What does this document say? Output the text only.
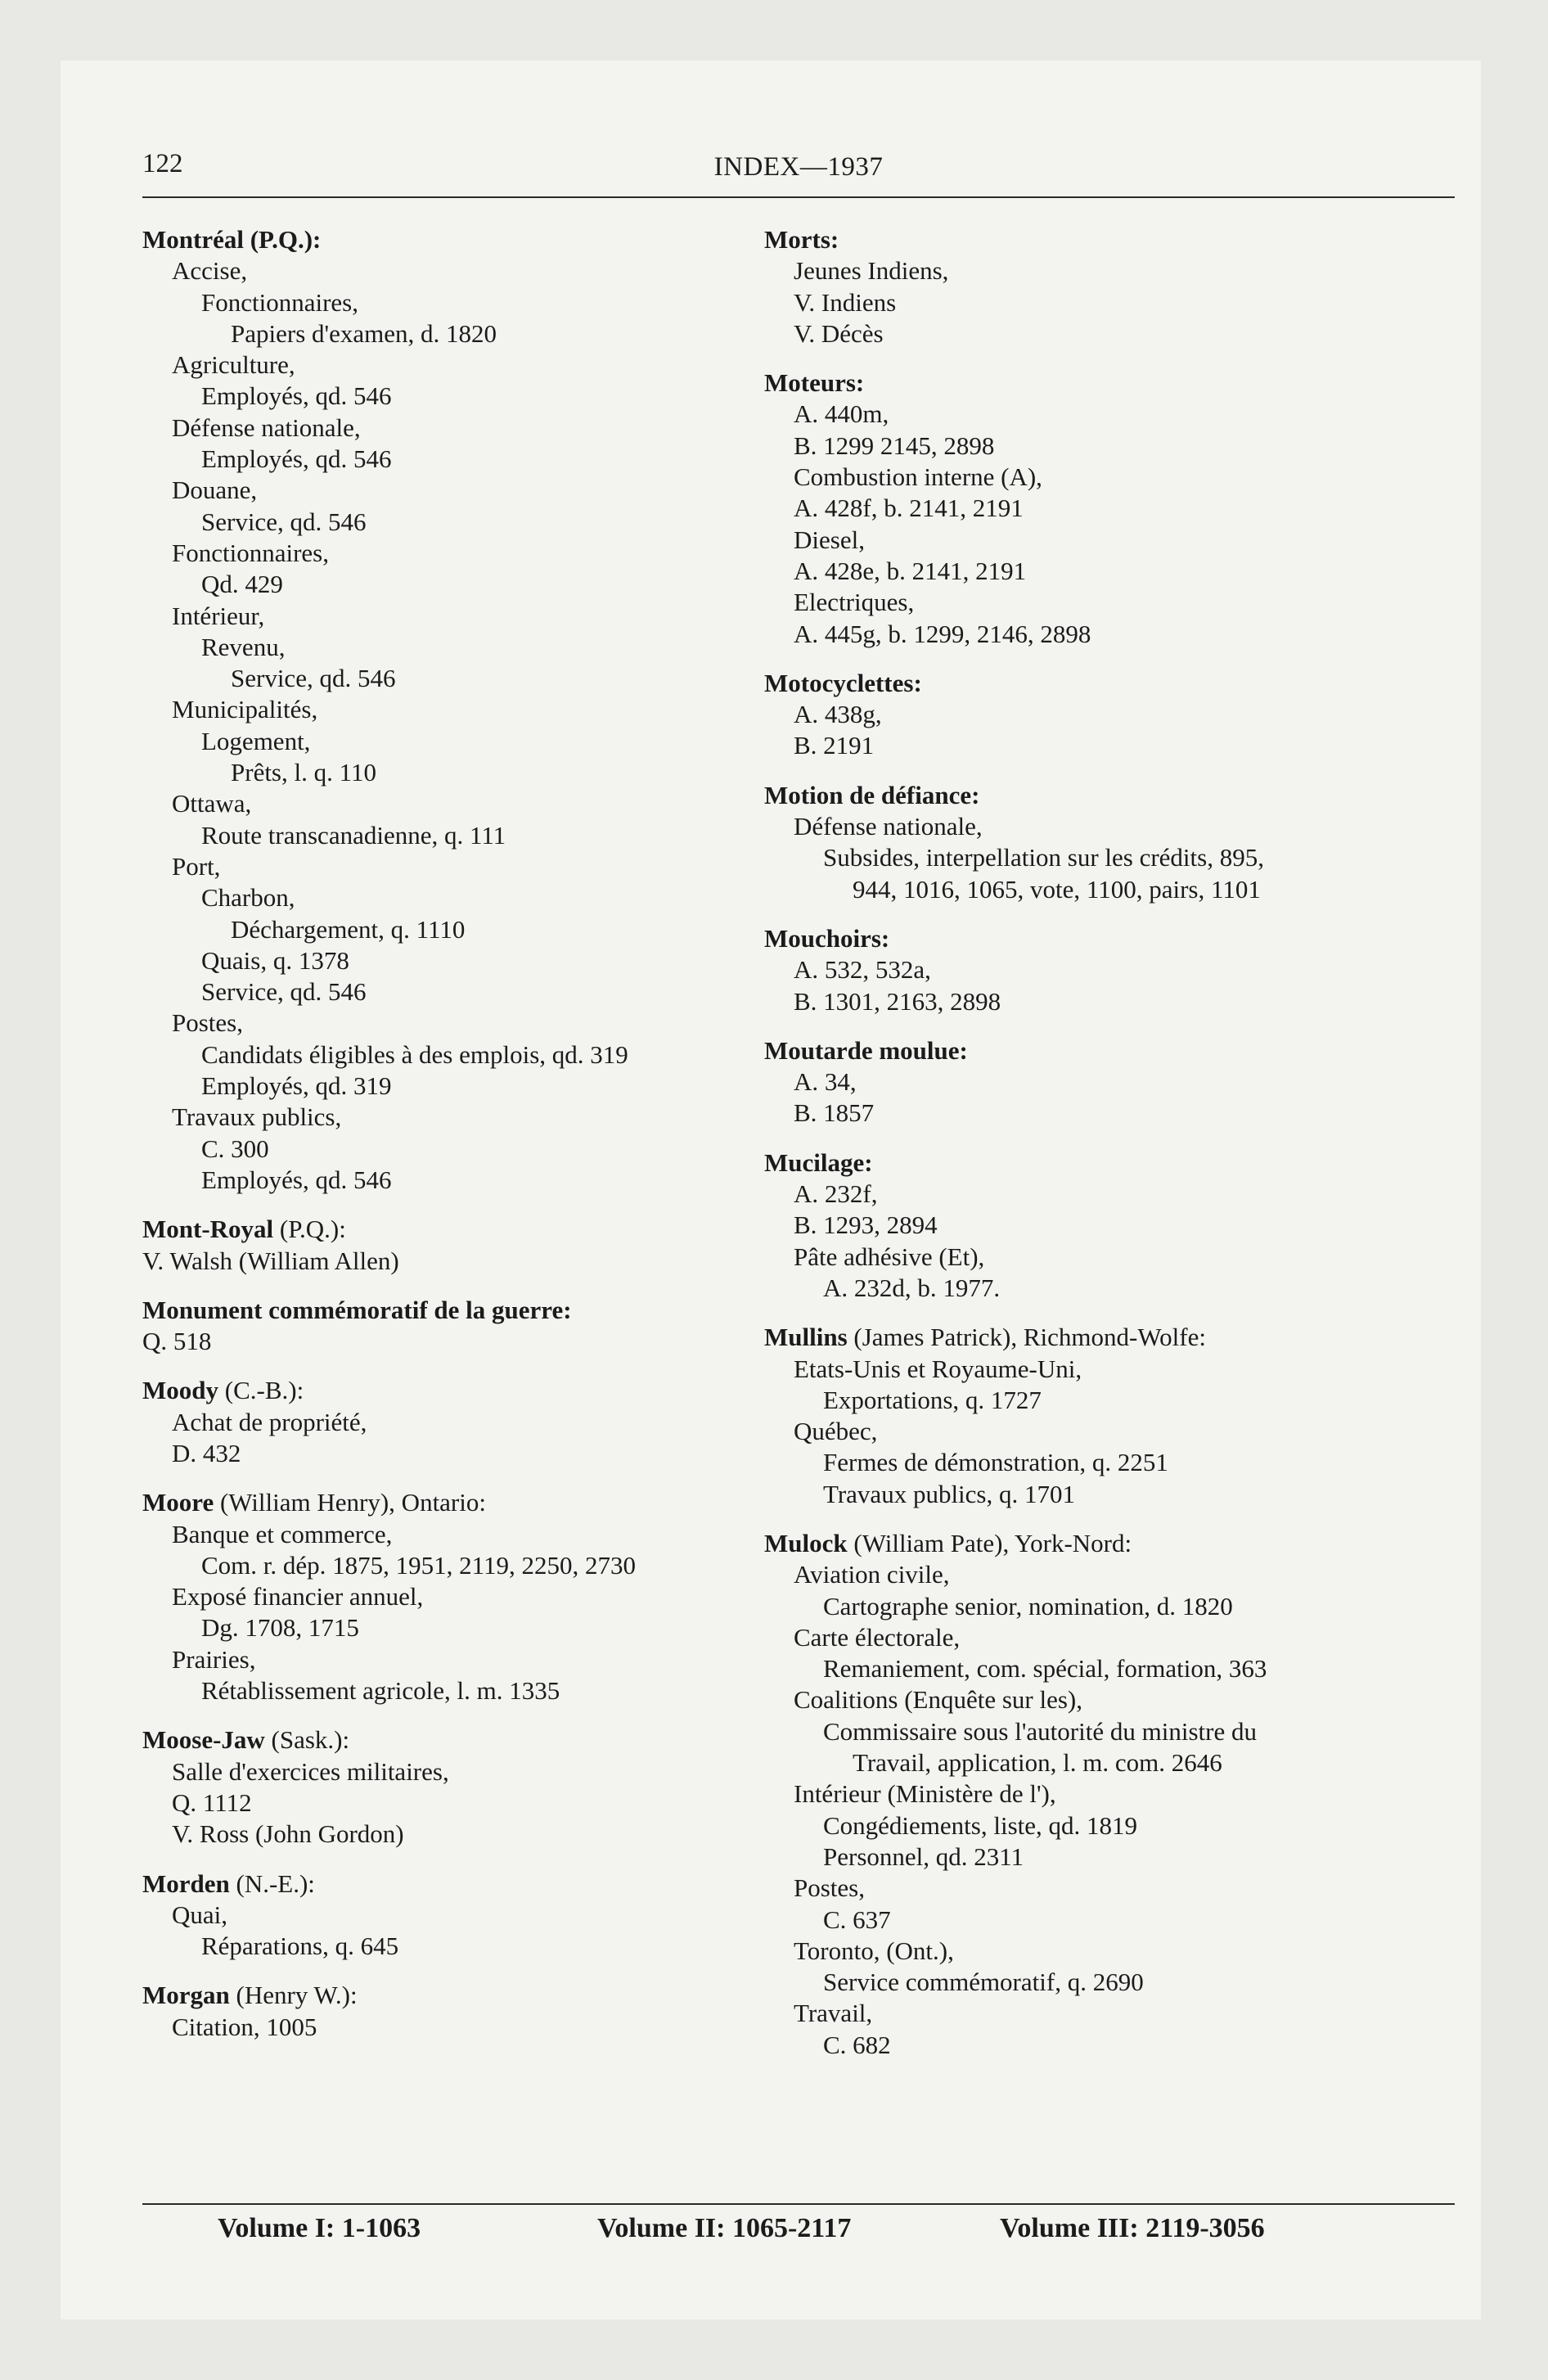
122	INDEX—1937
Montréal (P.Q.):
Accise,
Fonctionnaires,
Papiers d'examen, d. 1820
Agriculture,
Employés, qd. 546
Défense nationale,
Employés, qd. 546
Douane,
Service, qd. 546
Fonctionnaires,
Qd. 429
Intérieur,
Revenu,
Service, qd. 546
Municipalités,
Logement,
Prêts, l. q. 110
Ottawa,
Route transcanadienne, q. 111
Port,
Charbon,
Déchargement, q. 1110
Quais, q. 1378
Service, qd. 546
Postes,
Candidats éligibles à des emplois, qd. 319
Employés, qd. 319
Travaux publics,
C. 300
Employés, qd. 546
Mont-Royal (P.Q.):
V. Walsh (William Allen)
Monument commémoratif de la guerre:
Q. 518
Moody (C.-B.):
Achat de propriété,
D. 432
Moore (William Henry), Ontario:
Banque et commerce,
Com. r. dép. 1875, 1951, 2119, 2250, 2730
Exposé financier annuel,
Dg. 1708, 1715
Prairies,
Rétablissement agricole, l. m. 1335
Moose-Jaw (Sask.):
Salle d'exercices militaires,
Q. 1112
V. Ross (John Gordon)
Morden (N.-E.):
Quai,
Réparations, q. 645
Morgan (Henry W.):
Citation, 1005
Morts:
Jeunes Indiens,
V. Indiens
V. Décès
Moteurs:
A. 440m,
B. 1299 2145, 2898
Combustion interne (A),
A. 428f, b. 2141, 2191
Diesel,
A. 428e, b. 2141, 2191
Electriques,
A. 445g, b. 1299, 2146, 2898
Motocyclettes:
A. 438g,
B. 2191
Motion de défiance:
Défense nationale,
Subsides, interpellation sur les crédits, 895,
944, 1016, 1065, vote, 1100, pairs, 1101
Mouchoirs:
A. 532, 532a,
B. 1301, 2163, 2898
Moutarde moulue:
A. 34,
B. 1857
Mucilage:
A. 232f,
B. 1293, 2894
Pâte adhésive (Et),
A. 232d, b. 1977.
Mullins (James Patrick), Richmond-Wolfe:
Etats-Unis et Royaume-Uni,
Exportations, q. 1727
Québec,
Fermes de démonstration, q. 2251
Travaux publics, q. 1701
Mulock (William Pate), York-Nord:
Aviation civile,
Cartographe senior, nomination, d. 1820
Carte électorale,
Remaniement, com. spécial, formation, 363
Coalitions (Enquête sur les),
Commissaire sous l'autorité du ministre du
Travail, application, l. m. com. 2646
Intérieur (Ministère de l'),
Congédiements, liste, qd. 1819
Personnel, qd. 2311
Postes,
C. 637
Toronto, (Ont.),
Service commémoratif, q. 2690
Travail,
C. 682
Volume I: 1-1063	Volume II: 1065-2117	Volume III: 2119-3056
